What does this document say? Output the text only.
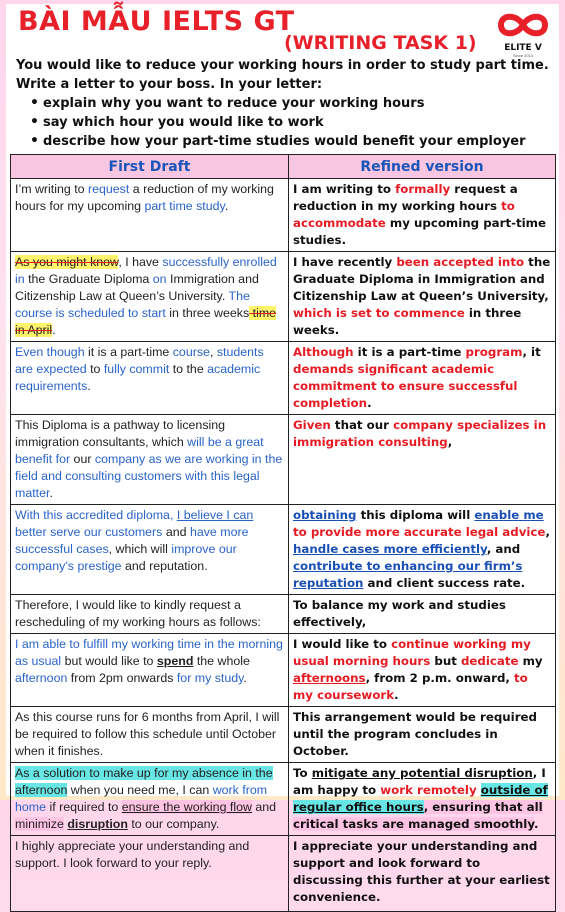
BÀI MẪU IELTS GT
(WRITING TASK 1)	ELITE V
Since 2013
You would like to reduce your working hours in order to study part time.
Write a letter to your boss. In your letter:
• explain why you want to reduce your working hours
• say which hour you would like to work
• describe how your part-time studies would benefit your employer
First Draft	Refined version
I’m writing to request a reduction of my working hours for my upcoming part time study.	I am writing to formally request a reduction in my working hours to accommodate my upcoming part-time studies.
As you might know, I have successfully enrolled in the Graduate Diploma on Immigration and Citizenship Law at Queen’s University. The course is scheduled to start in three weeks time in April.	I have recently been accepted into the Graduate Diploma in Immigration and Citizenship Law at Queen’s University, which is set to commence in three weeks.
Even though it is a part-time course, students are expected to fully commit to the academic requirements.	Although it is a part-time program, it demands significant academic commitment to ensure successful completion.
This Diploma is a pathway to licensing immigration consultants, which will be a great benefit for our company as we are working in the field and consulting customers with this legal matter.	Given that our company specializes in immigration consulting,
With this accredited diploma, I believe I can better serve our customers and have more successful cases, which will improve our company’s prestige and reputation.	obtaining this diploma will enable me to provide more accurate legal advice, handle cases more efficiently, and contribute to enhancing our firm’s reputation and client success rate.
Therefore, I would like to kindly request a rescheduling of my working hours as follows:	To balance my work and studies effectively,
I am able to fulfill my working time in the morning as usual but would like to spend the whole afternoon from 2pm onwards for my study.	I would like to continue working my usual morning hours but dedicate my afternoons, from 2 p.m. onward, to my coursework.
As this course runs for 6 months from April, I will be required to follow this schedule until October when it finishes.	This arrangement would be required until the program concludes in October.
As a solution to make up for my absence in the afternoon when you need me, I can work from home if required to ensure the working flow and minimize disruption to our company.	To mitigate any potential disruption, I am happy to work remotely outside of regular office hours, ensuring that all critical tasks are managed smoothly.
I highly appreciate your understanding and support. I look forward to your reply.	I appreciate your understanding and support and look forward to discussing this further at your earliest convenience.
